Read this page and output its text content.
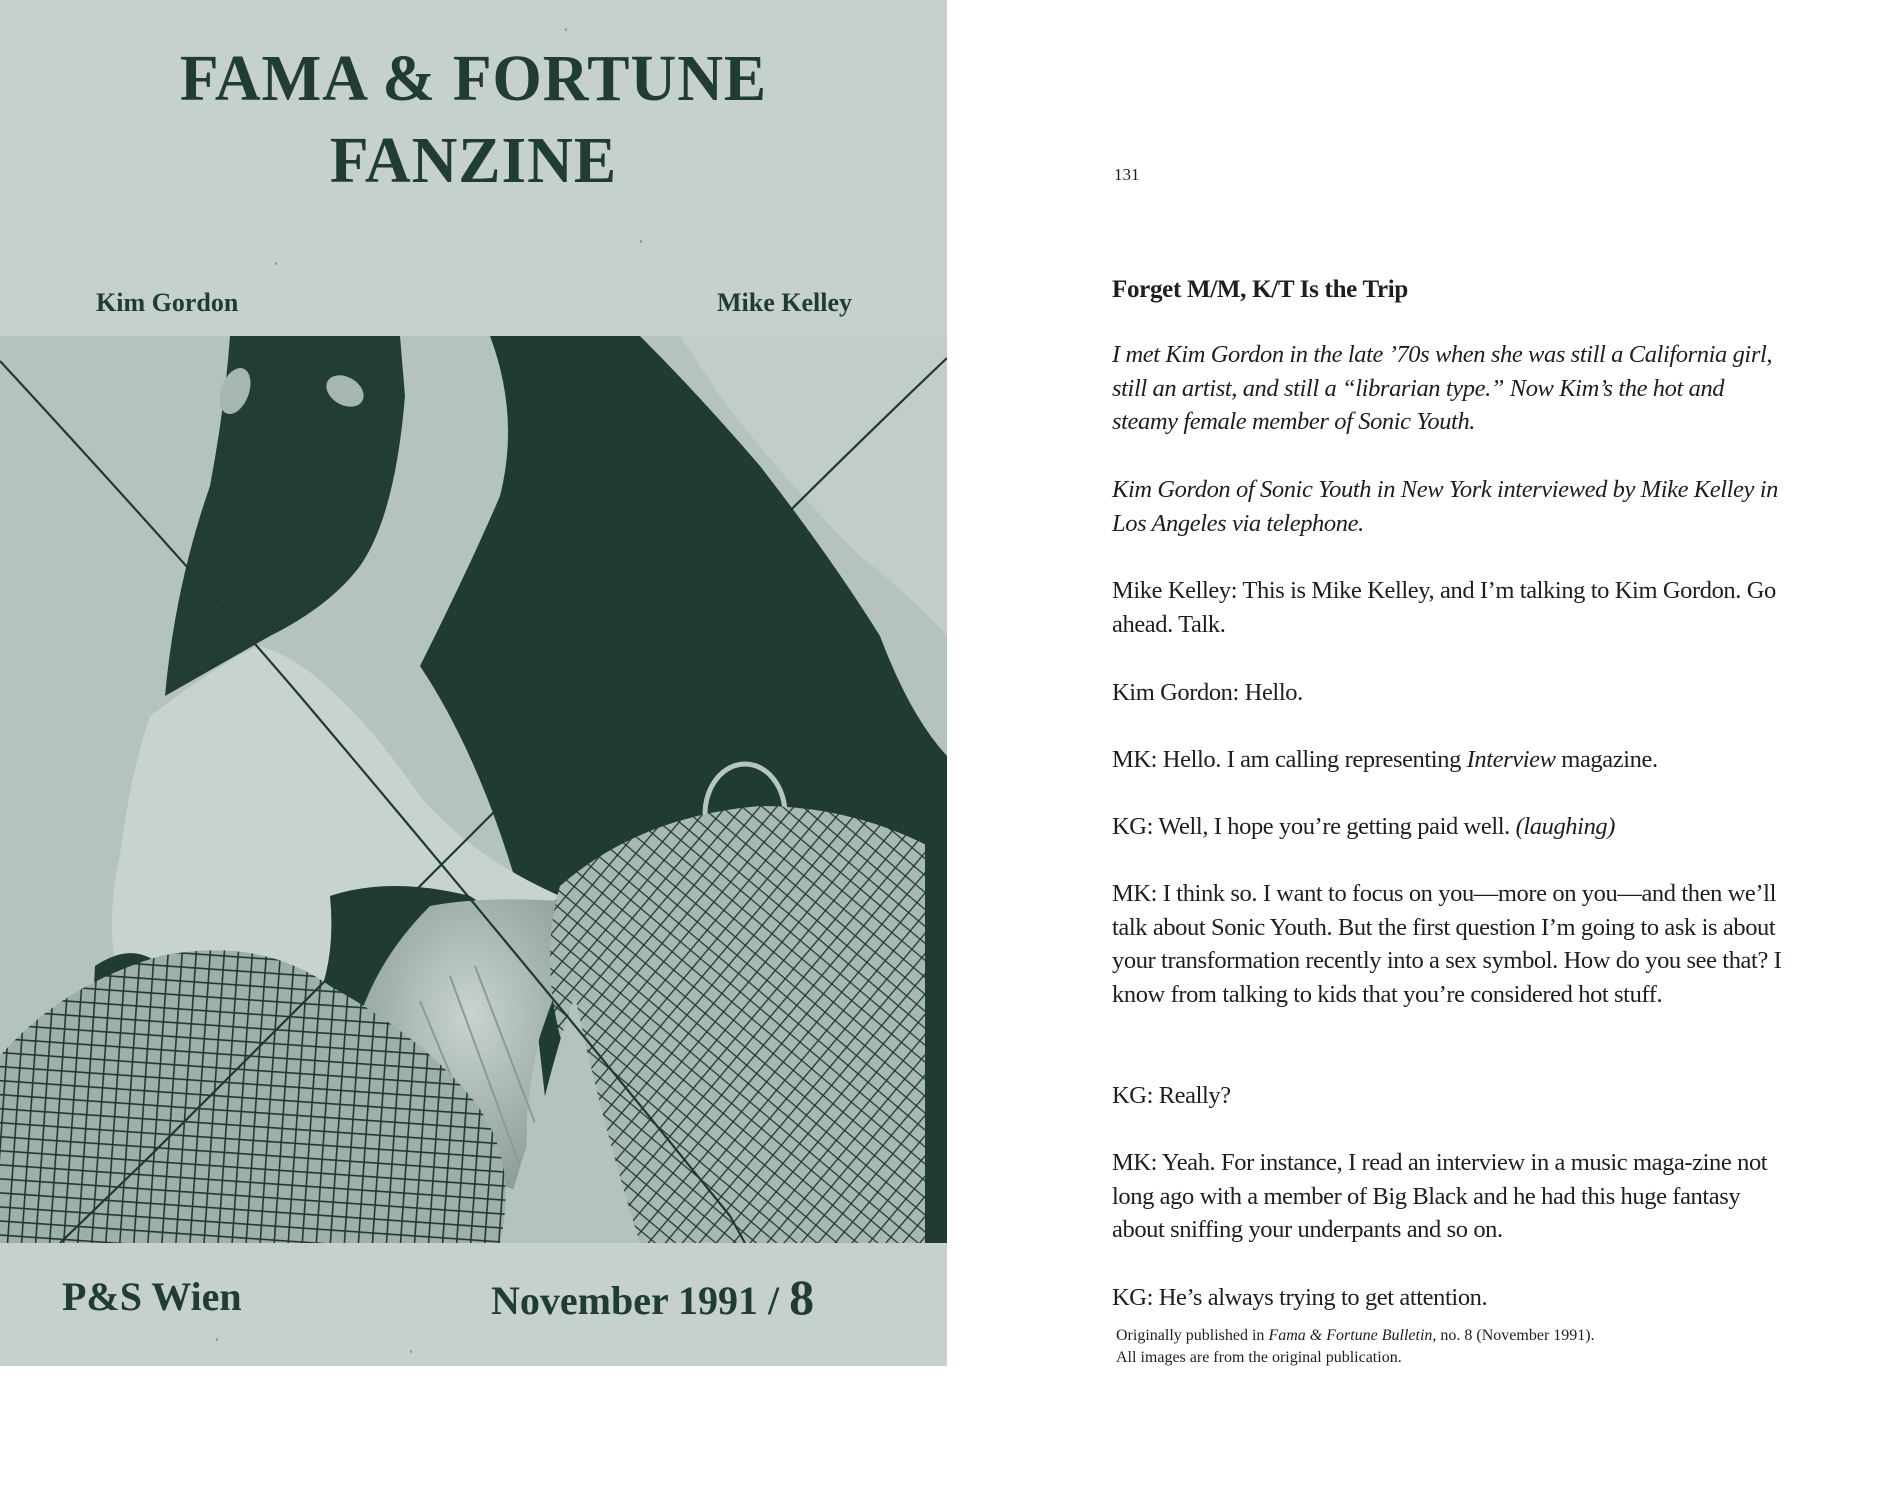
FAMA & FORTUNE
FANZINE
Kim Gordon	Mike Kelley
P&S Wien	November 1991 / 8
131
Forget M/M, K/T Is the Trip
I met Kim Gordon in the late ’70s when she was still a California girl, still an artist, and still a “librarian type.” Now Kim’s the hot and steamy female member of Sonic Youth.
Kim Gordon of Sonic Youth in New York interviewed by Mike Kelley in Los Angeles via telephone.
Mike Kelley: This is Mike Kelley, and I’m talking to Kim Gordon. Go ahead. Talk.
Kim Gordon: Hello.
MK: Hello. I am calling representing Interview magazine.
KG: Well, I hope you’re getting paid well. (laughing)
MK: I think so. I want to focus on you—more on you—and then we’ll talk about Sonic Youth. But the first question I’m going to ask is about your transformation recently into a sex symbol. How do you see that? I know from talking to kids that you’re considered hot stuff.
KG: Really?
MK: Yeah. For instance, I read an interview in a music maga-zine not long ago with a member of Big Black and he had this huge fantasy about sniffing your underpants and so on.
KG: He’s always trying to get attention.
Originally published in Fama & Fortune Bulletin, no. 8 (November 1991).
All images are from the original publication.
